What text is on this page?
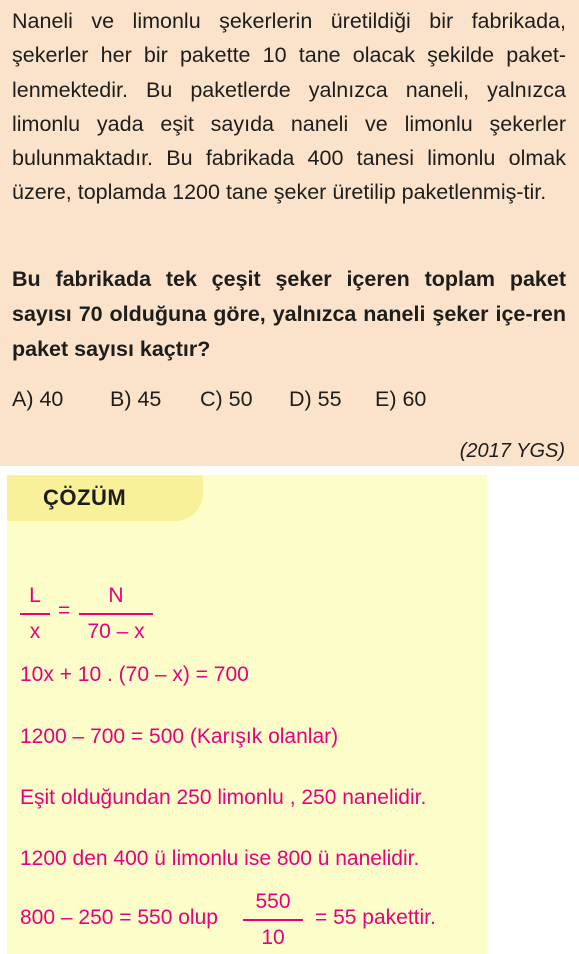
Naneli ve limonlu şekerlerin üretildiği bir fabrikada, şekerler her bir pakette 10 tane olacak şekilde paket-lenmektedir. Bu paketlerde yalnızca naneli, yalnızca limonlu yada eşit sayıda naneli ve limonlu şekerler bulunmaktadır. Bu fabrikada 400 tanesi limonlu olmak üzere, toplamda 1200 tane şeker üretilip paketlenmiş-tir.

Bu fabrikada tek çeşit şeker içeren toplam paket sayısı 70 olduğuna göre, yalnızca naneli şeker içe-ren paket sayısı kaçtır?

A) 40 B) 45 C) 50 D) 55 E) 60
(2017 YGS)
ÇÖZÜM
L
x
=
N
70 – x
10x + 10 . (70 – x) = 700
1200 – 700 = 500 (Karışık olanlar)
Eşit olduğundan 250 limonlu , 250 nanelidir.
1200 den 400 ü limonlu ise 800 ü nanelidir.
800 – 250 = 550 olup
550
10
= 55 pakettir.
